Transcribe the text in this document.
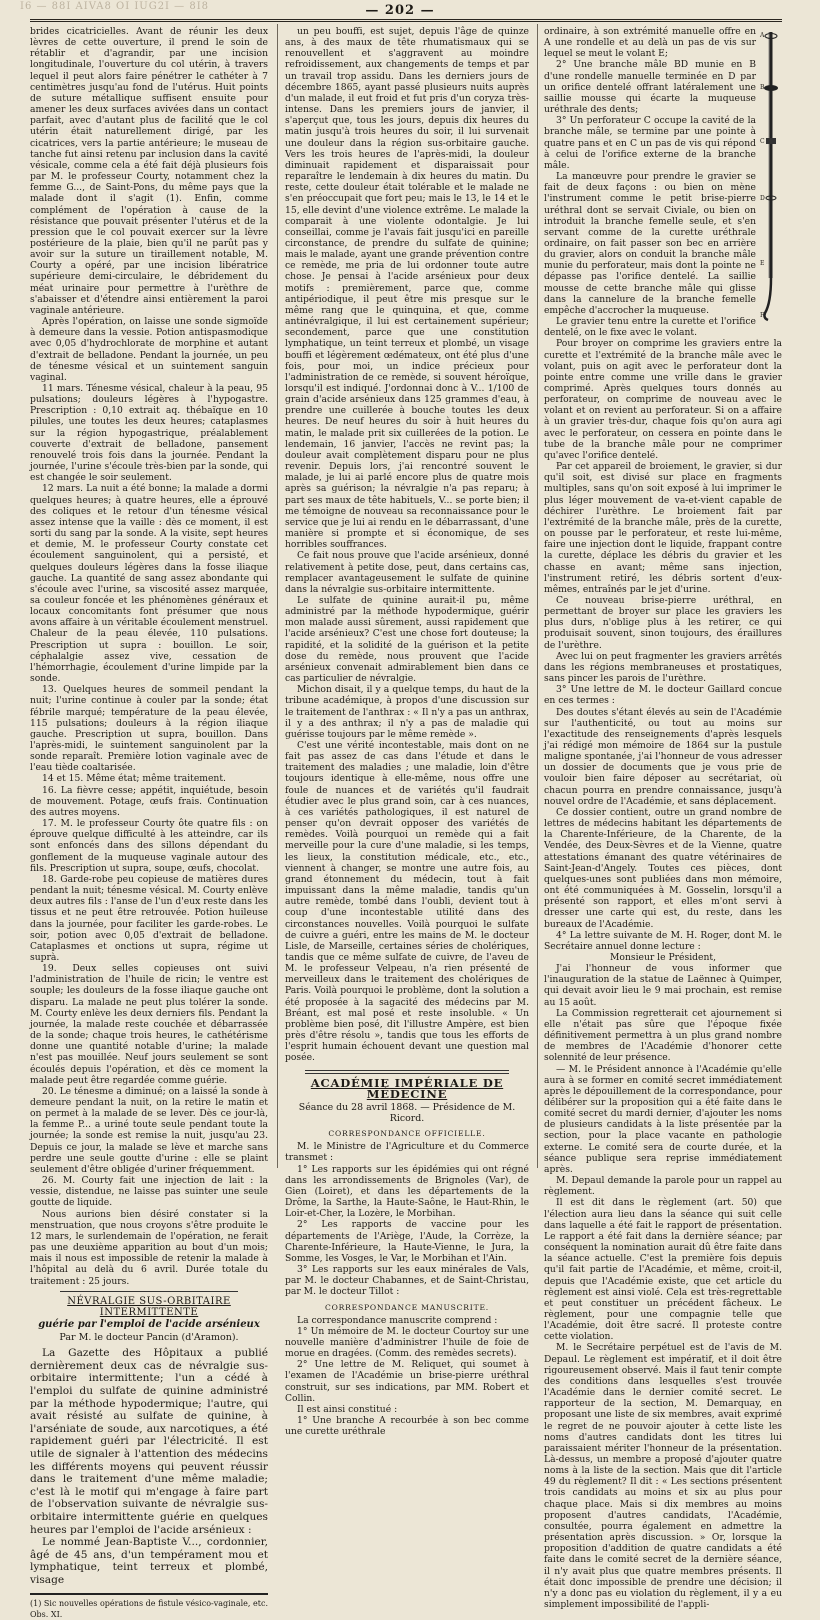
I6 — 88I AIVA8 OI IUG2I — 8I8	— 202 —

brides cicatricielles. Avant de réunir les deux lèvres de cette ouverture, il prend le soin de rétablir et d'agrandir, par une incision longitudinale, l'ouverture du col utérin, à travers lequel il peut alors faire pénétrer le cathéter à 7 centimètres jusqu'au fond de l'utérus. Huit points de suture métallique suffisent ensuite pour amener les deux surfaces avivées dans un contact parfait, avec d'autant plus de facilité que le col utérin était naturellement dirigé, par les cicatrices, vers la partie antérieure; le museau de tanche fut ainsi retenu par inclusion dans la cavité vésicale, comme cela a été fait déjà plusieurs fois par M. le professeur Courty, notamment chez la femme G..., de Saint-Pons, du même pays que la malade dont il s'agit (1). Enfin, comme complément de l'opération à cause de la résistance que pouvait présenter l'utérus et de la pression que le col pouvait exercer sur la lèvre postérieure de la plaie, bien qu'il ne parût pas y avoir sur la suture un tiraillement notable, M. Courty a opéré, par une incision libératrice supérieure demi-circulaire, le débridement du méat urinaire pour permettre à l'urèthre de s'abaisser et d'étendre ainsi entièrement la paroi vaginale antérieure.

Après l'opération, on laisse une sonde sigmoïde à demeure dans la vessie. Potion antispasmodique avec 0,05 d'hydrochlorate de morphine et autant d'extrait de belladone. Pendant la journée, un peu de ténesme vésical et un suintement sanguin vaginal.

11 mars. Ténesme vésical, chaleur à la peau, 95 pulsations; douleurs légères à l'hypogastre. Prescription : 0,10 extrait aq. thébaïque en 10 pilules, une toutes les deux heures; cataplasmes sur la région hypogastrique, préalablement couverte d'extrait de belladone, pansement renouvelé trois fois dans la journée. Pendant la journée, l'urine s'écoule très-bien par la sonde, qui est changée le soir seulement.

12 mars. La nuit a été bonne; la malade a dormi quelques heures; à quatre heures, elle a éprouvé des coliques et le retour d'un ténesme vésical assez intense que la vaille : dès ce moment, il est sorti du sang par la sonde. A la visite, sept heures et demie, M. le professeur Courty constate cet écoulement sanguinolent, qui a persisté, et quelques douleurs légères dans la fosse iliaque gauche. La quantité de sang assez abondante qui s'écoule avec l'urine, sa viscosité assez marquée, sa couleur foncée et les phénomènes généraux et locaux concomitants font présumer que nous avons affaire à un véritable écoulement menstruel. Chaleur de la peau élevée, 110 pulsations. Prescription ut supra : bouillon. Le soir, céphalalgie assez vive, cessation de l'hémorrhagie, écoulement d'urine limpide par la sonde.

13. Quelques heures de sommeil pendant la nuit; l'urine continue à couler par la sonde; état fébrile marqué; température de la peau élevée, 115 pulsations; douleurs à la région iliaque gauche. Prescription ut supra, bouillon. Dans l'après-midi, le suintement sanguinolent par la sonde reparaît. Première lotion vaginale avec de l'eau tiède coaltarisée.

14 et 15. Même état; même traitement.

16. La fièvre cesse; appétit, inquiétude, besoin de mouvement. Potage, œufs frais. Continuation des autres moyens.

17. M. le professeur Courty ôte quatre fils : on éprouve quelque difficulté à les atteindre, car ils sont enfoncés dans des sillons dépendant du gonflement de la muqueuse vaginale autour des fils. Prescription ut supra, soupe, œufs, chocolat.

18. Garde-robe peu copieuse de matières dures pendant la nuit; ténesme vésical. M. Courty enlève deux autres fils : l'anse de l'un d'eux reste dans les tissus et ne peut être retrouvée. Potion huileuse dans la journée, pour faciliter les garde-robes. Le soir, potion avec 0,05 d'extrait de belladone. Cataplasmes et onctions ut supra, régime ut suprà.

19. Deux selles copieuses ont suivi l'administration de l'huile de ricin; le ventre est souple; les douleurs de la fosse iliaque gauche ont disparu. La malade ne peut plus tolérer la sonde. M. Courty enlève les deux derniers fils. Pendant la journée, la malade reste couchée et débarrassée de la sonde; chaque trois heures, le cathétérisme donne une quantité notable d'urine; la malade n'est pas mouillée. Neuf jours seulement se sont écoulés depuis l'opération, et dès ce moment la malade peut être regardée comme guérie.

20. Le ténesme a diminué; on a laissé la sonde à demeure pendant la nuit, on la retire le matin et on permet à la malade de se lever. Dès ce jour-là, la femme P... a uriné toute seule pendant toute la journée; la sonde est remise la nuit, jusqu'au 23. Depuis ce jour, la malade se lève et marche sans perdre une seule goutte d'urine : elle se plaint seulement d'être obligée d'uriner fréquemment.

26. M. Courty fait une injection de lait : la vessie, distendue, ne laisse pas suinter une seule goutte de liquide.

Nous aurions bien désiré constater si la menstruation, que nous croyons s'être produite le 12 mars, le surlendemain de l'opération, ne ferait pas une deuxième apparition au bout d'un mois; mais il nous est impossible de retenir la malade à l'hôpital au delà du 6 avril. Durée totale du traitement : 25 jours.

NÉVRALGIE SUS-ORBITAIRE INTERMITTENTE

guérie par l'emploi de l'acide arsénieux

Par M. le docteur Pancin (d'Aramon).

La Gazette des Hôpitaux a publié dernièrement deux cas de névralgie sus-orbitaire intermittente; l'un a cédé à l'emploi du sulfate de quinine administré par la méthode hypodermique; l'autre, qui avait résisté au sulfate de quinine, à l'arséniate de soude, aux narcotiques, a été rapidement guéri par l'électricité. Il est utile de signaler à l'attention des médecins les différents moyens qui peuvent réussir dans le traitement d'une même maladie; c'est là le motif qui m'engage à faire part de l'observation suivante de névralgie sus-orbitaire intermittente guérie en quelques heures par l'emploi de l'acide arsénieux :

Le nommé Jean-Baptiste V..., cordonnier, âgé de 45 ans, d'un tempérament mou et lymphatique, teint terreux et plombé, visage

(1) Sic nouvelles opérations de fistule vésico-vaginale, etc. Obs. XI.

un peu bouffi, est sujet, depuis l'âge de quinze ans, à des maux de tête rhumatismaux qui se renouvellent et s'aggravent au moindre refroidissement, aux changements de temps et par un travail trop assidu. Dans les derniers jours de décembre 1865, ayant passé plusieurs nuits auprès d'un malade, il eut froid et fut pris d'un coryza très-intense. Dans les premiers jours de janvier, il s'aperçut que, tous les jours, depuis dix heures du matin jusqu'à trois heures du soir, il lui survenait une douleur dans la région sus-orbitaire gauche. Vers les trois heures de l'après-midi, la douleur diminuait rapidement et disparaissait pour reparaître le lendemain à dix heures du matin. Du reste, cette douleur était tolérable et le malade ne s'en préoccupait que fort peu; mais le 13, le 14 et le 15, elle devint d'une violence extrême. Le malade la comparait à une violente odontalgie. Je lui conseillai, comme je l'avais fait jusqu'ici en pareille circonstance, de prendre du sulfate de quinine; mais le malade, ayant une grande prévention contre ce remède, me pria de lui ordonner toute autre chose. Je pensai à l'acide arsénieux pour deux motifs : premièrement, parce que, comme antipériodique, il peut être mis presque sur le même rang que le quinquina, et que, comme antinévralgique, il lui est certainement supérieur; secondement, parce que une constitution lymphatique, un teint terreux et plombé, un visage bouffi et légèrement œdémateux, ont été plus d'une fois, pour moi, un indice précieux pour l'administration de ce remède, si souvent héroïque, lorsqu'il est indiqué. J'ordonnai donc à V... 1/100 de grain d'acide arsénieux dans 125 grammes d'eau, à prendre une cuillerée à bouche toutes les deux heures. De neuf heures du soir à huit heures du matin, le malade prit six cuillerées de la potion. Le lendemain, 16 janvier, l'accès ne revint pas; la douleur avait complètement disparu pour ne plus revenir. Depuis lors, j'ai rencontré souvent le malade, je lui ai parlé encore plus de quatre mois après sa guérison; la névralgie n'a pas reparu; à part ses maux de tête habituels, V... se porte bien; il me témoigne de nouveau sa reconnaissance pour le service que je lui ai rendu en le débarrassant, d'une manière si prompte et si économique, de ses horribles souffrances.

Ce fait nous prouve que l'acide arsénieux, donné relativement à petite dose, peut, dans certains cas, remplacer avantageusement le sulfate de quinine dans la névralgie sus-orbitaire intermittente.

Le sulfate de quinine aurait-il pu, même administré par la méthode hypodermique, guérir mon malade aussi sûrement, aussi rapidement que l'acide arsénieux? C'est une chose fort douteuse; la rapidité, et la solidité de la guérison et la petite dose du remède, nous prouvent que l'acide arsénieux convenait admirablement bien dans ce cas particulier de névralgie.

Michon disait, il y a quelque temps, du haut de la tribune académique, à propos d'une discussion sur le traitement de l'anthrax : « Il n'y a pas un anthrax, il y a des anthrax; il n'y a pas de maladie qui guérisse toujours par le même remède ».

C'est une vérité incontestable, mais dont on ne fait pas assez de cas dans l'étude et dans le traitement des maladies ; une maladie, loin d'être toujours identique à elle-même, nous offre une foule de nuances et de variétés qu'il faudrait étudier avec le plus grand soin, car à ces nuances, à ces variétés pathologiques, il est naturel de penser qu'on devrait opposer des variétés de remèdes. Voilà pourquoi un remède qui a fait merveille pour la cure d'une maladie, si les temps, les lieux, la constitution médicale, etc., etc., viennent à changer, se montre une autre fois, au grand étonnement du médecin, tout à fait impuissant dans la même maladie, tandis qu'un autre remède, tombé dans l'oubli, devient tout à coup d'une incontestable utilité dans des circonstances nouvelles. Voilà pourquoi le sulfate de cuivre a guéri, entre les mains de M. le docteur Lisle, de Marseille, certaines séries de cholériques, tandis que ce même sulfate de cuivre, de l'aveu de M. le professeur Velpeau, n'a rien présenté de merveilleux dans le traitement des cholériques de Paris. Voilà pourquoi le problème, dont la solution a été proposée à la sagacité des médecins par M. Bréant, est mal posé et reste insoluble. « Un problème bien posé, dit l'illustre Ampère, est bien près d'être résolu », tandis que tous les efforts de l'esprit humain échouent devant une question mal posée.

ACADÉMIE IMPÉRIALE DE MÉDECINE

Séance du 28 avril 1868. — Présidence de M. Ricord.

CORRESPONDANCE OFFICIELLE.

M. le Ministre de l'Agriculture et du Commerce transmet :

1° Les rapports sur les épidémies qui ont régné dans les arrondissements de Brignoles (Var), de Gien (Loiret), et dans les départements de la Drôme, la Sarthe, la Haute-Saône, le Haut-Rhin, le Loir-et-Cher, la Lozère, le Morbihan.

2° Les rapports de vaccine pour les départements de l'Ariège, l'Aude, la Corrèze, la Charente-Inférieure, la Haute-Vienne, le Jura, la Somme, les Vosges, le Var, le Morbihan et l'Ain.

3° Les rapports sur les eaux minérales de Vals, par M. le docteur Chabannes, et de Saint-Christau, par M. le docteur Tillot :

CORRESPONDANCE MANUSCRITE.

La correspondance manuscrite comprend :

1° Un mémoire de M. le docteur Courtoy sur une nouvelle manière d'administrer l'huile de foie de morue en dragées. (Comm. des remèdes secrets).

2° Une lettre de M. Reliquet, qui soumet à l'examen de l'Académie un brise-pierre uréthral construit, sur ses indications, par MM. Robert et Collin.

Il est ainsi constitué :

1° Une branche A recourbée à son bec comme une curette uréthrale

A
B
C
D
E
F

ordinaire, à son extrémité manuelle offre en A une rondelle et au delà un pas de vis sur lequel se meut le volant E;

2° Une branche mâle BD munie en B d'une rondelle manuelle terminée en D par un orifice dentelé offrant latéralement une saillie mousse qui écarte la muqueuse uréthrale des dents;

3° Un perforateur C occupe la cavité de la branche mâle, se termine par une pointe à quatre pans et en C un pas de vis qui répond à celui de l'orifice externe de la branche mâle.

La manœuvre pour prendre le gravier se fait de deux façons : ou bien on mène l'instrument comme le petit brise-pierre uréthral dont se servait Civiale, ou bien on introduit la branche femelle seule, et s'en servant comme de la curette uréthrale ordinaire, on fait passer son bec en arrière du gravier, alors on conduit la branche mâle munie du perforateur, mais dont la pointe ne dépasse pas l'orifice dentelé. La saillie mousse de cette branche mâle qui glisse dans la cannelure de la branche femelle empêche d'accrocher la muqueuse.

Le gravier tenu entre la curette et l'orifice dentelé, on le fixe avec le volant.

Pour broyer on comprime les graviers entre la curette et l'extrémité de la branche mâle avec le volant, puis on agit avec le perforateur dont la pointe entre comme une vrille dans le gravier comprimé. Après quelques tours donnés au perforateur, on comprime de nouveau avec le volant et on revient au perforateur. Si on a affaire à un gravier très-dur, chaque fois qu'on aura agi avec le perforateur, on cessera en pointe dans le tube de la branche mâle pour ne comprimer qu'avec l'orifice dentelé.

Par cet appareil de broiement, le gravier, si dur qu'il soit, est divisé sur place en fragments multiples, sans qu'on soit exposé à lui imprimer le plus léger mouvement de va-et-vient capable de déchirer l'urèthre. Le broiement fait par l'extrémité de la branche mâle, près de la curette, on pousse par le perforateur, et reste lui-même, faire une injection dont le liquide, frappant contre la curette, déplace les débris du gravier et les chasse en avant; même sans injection, l'instrument retiré, les débris sortent d'eux-mêmes, entraînés par le jet d'urine.

Ce nouveau brise-pierre uréthral, en permettant de broyer sur place les graviers les plus durs, n'oblige plus à les retirer, ce qui produisait souvent, sinon toujours, des éraillures de l'urèthre.

Avec lui on peut fragmenter les graviers arrêtés dans les régions membraneuses et prostatiques, sans pincer les parois de l'urèthre.

3° Une lettre de M. le docteur Gaillard concue en ces termes :

Des doutes s'étant élevés au sein de l'Académie sur l'authenticité, ou tout au moins sur l'exactitude des renseignements d'après lesquels j'ai rédigé mon mémoire de 1864 sur la pustule maligne spontanée, j'ai l'honneur de vous adresser un dossier de documents que je vous prie de vouloir bien faire déposer au secrétariat, où chacun pourra en prendre connaissance, jusqu'à nouvel ordre de l'Académie, et sans déplacement.

Ce dossier contient, outre un grand nombre de lettres de médecins habitant les départements de la Charente-Inférieure, de la Charente, de la Vendée, des Deux-Sèvres et de la Vienne, quatre attestations émanant des quatre vétérinaires de Saint-Jean-d'Angely. Toutes ces pièces, dont quelques-unes sont publiées dans mon mémoire, ont été communiquées à M. Gosselin, lorsqu'il a présenté son rapport, et elles m'ont servi à dresser une carte qui est, du reste, dans les bureaux de l'Académie.

4° La lettre suivante de M. H. Roger, dont M. le Secrétaire annuel donne lecture :

Monsieur le Président,

J'ai l'honneur de vous informer que l'inauguration de la statue de Laënnec à Quimper, qui devait avoir lieu le 9 mai prochain, est remise au 15 août.

La Commission regretterait cet ajournement si elle n'était pas sûre que l'époque fixée définitivement permettra à un plus grand nombre de membres de l'Académie d'honorer cette solennité de leur présence.

— M. le Président annonce à l'Académie qu'elle aura à se former en comité secret immédiatement après le dépouillement de la correspondance, pour délibérer sur la proposition qui a été faite dans le comité secret du mardi dernier, d'ajouter les noms de plusieurs candidats à la liste présentée par la section, pour la place vacante en pathologie externe. Le comité sera de courte durée, et la séance publique sera reprise immédiatement après.

M. Depaul demande la parole pour un rappel au règlement.

Il est dit dans le règlement (art. 50) que l'élection aura lieu dans la séance qui suit celle dans laquelle a été fait le rapport de présentation. Le rapport a été fait dans la dernière séance; par conséquent la nomination aurait dû être faite dans la séance actuelle. C'est la première fois depuis qu'il fait partie de l'Académie, et même, croit-il, depuis que l'Académie existe, que cet article du règlement est ainsi violé. Cela est très-regrettable et peut constituer un précédent fâcheux. Le règlement, pour une compagnie telle que l'Académie, doit être sacré. Il proteste contre cette violation.

M. le Secrétaire perpétuel est de l'avis de M. Depaul. Le règlement est impératif, et il doit être rigoureusement observé. Mais il faut tenir compte des conditions dans lesquelles s'est trouvée l'Académie dans le dernier comité secret. Le rapporteur de la section, M. Demarquay, en proposant une liste de six membres, avait exprimé le regret de ne pouvoir ajouter à cette liste les noms d'autres candidats dont les titres lui paraissaient mériter l'honneur de la présentation. Là-dessus, un membre a proposé d'ajouter quatre noms à la liste de la section. Mais que dit l'article 49 du règlement? Il dit : « Les sections présentent trois candidats au moins et six au plus pour chaque place. Mais si dix membres au moins proposent d'autres candidats, l'Académie, consultée, pourra également en admettre la présentation après discussion. » Or, lorsque la proposition d'addition de quatre candidats a été faite dans le comité secret de la dernière séance, il n'y avait plus que quatre membres présents. Il était donc impossible de prendre une décision; il n'y a donc pas eu violation du règlement, il y a eu simplement impossibilité de l'appli-
